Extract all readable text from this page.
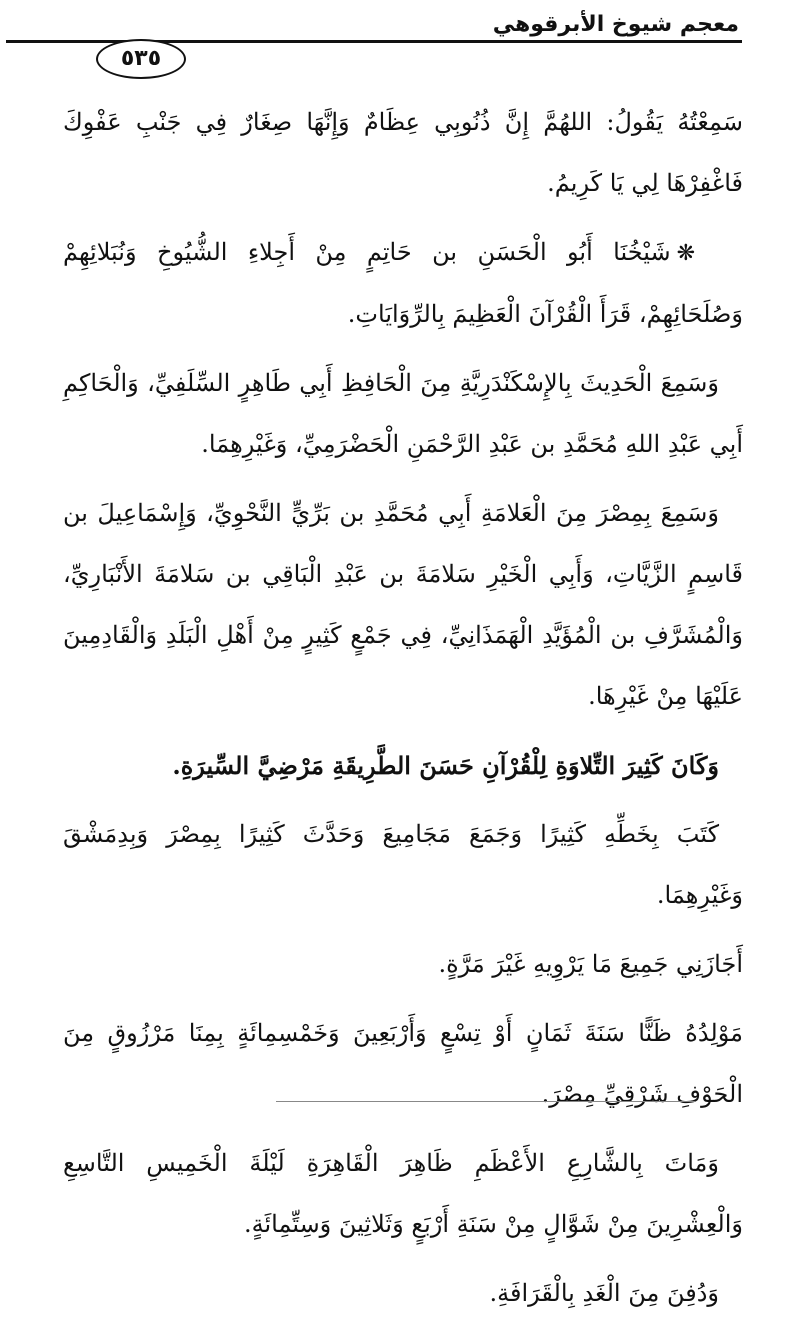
معجم شيوخ الأبرقوهي
٥٣٥

سَمِعْتُهُ يَقُولُ: اللهُمَّ إِنَّ ذُنُوبِي عِظَامٌ وَإِنَّهَا صِغَارٌ فِي جَنْبِ عَفْوِكَ فَاغْفِرْهَا لِي يَا كَرِيمُ.

❋شَيْخُنَا أَبُو الْحَسَنِ بن حَاتِمٍ مِنْ أَجِلاءِ الشُّيُوخِ وَنُبَلائِهِمْ وَصُلَحَائِهِمْ، قَرَأَ الْقُرْآنَ الْعَظِيمَ بِالرِّوَايَاتِ.

وَسَمِعَ الْحَدِيثَ بِالإِسْكَنْدَرِيَّةِ مِنَ الْحَافِظِ أَبِي طَاهِرٍ السِّلَفِيِّ، وَالْحَاكِمِ أَبِي عَبْدِ اللهِ مُحَمَّدِ بن عَبْدِ الرَّحْمَنِ الْحَضْرَمِيِّ، وَغَيْرِهِمَا.

وَسَمِعَ بِمِصْرَ مِنَ الْعَلامَةِ أَبِي مُحَمَّدِ بن بَرِّيٍّ النَّحْوِيِّ، وَإِسْمَاعِيلَ بن قَاسِمٍ الزَّيَّاتِ، وَأَبِي الْخَيْرِ سَلامَةَ بن عَبْدِ الْبَاقِي بن سَلامَةَ الأَنْبَارِيِّ، وَالْمُشَرَّفِ بن الْمُؤَيَّدِ الْهَمَذَانِيِّ، فِي جَمْعٍ كَثِيرٍ مِنْ أَهْلِ الْبَلَدِ وَالْقَادِمِينَ عَلَيْهَا مِنْ غَيْرِهَا.

وَكَانَ كَثِيرَ التِّلاوَةِ لِلْقُرْآنِ حَسَنَ الطَّرِيقَةِ مَرْضِيَّ السِّيرَةِ.

كَتَبَ بِخَطِّهِ كَثِيرًا وَجَمَعَ مَجَامِيعَ وَحَدَّثَ كَثِيرًا بِمِصْرَ وَبِدِمَشْقَ وَغَيْرِهِمَا.

أَجَازَنِي جَمِيعَ مَا يَرْوِيهِ غَيْرَ مَرَّةٍ.

مَوْلِدُهُ ظَنًّا سَنَةَ ثَمَانٍ أَوْ تِسْعٍ وَأَرْبَعِينَ وَخَمْسِمِائَةٍ بِمِنَا مَرْزُوقٍ مِنَ الْحَوْفِ شَرْقِيِّ مِصْرَ.

وَمَاتَ بِالشَّارِعِ الأَعْظَمِ ظَاهِرَ الْقَاهِرَةِ لَيْلَةَ الْخَمِيسِ التَّاسِعِ وَالْعِشْرِينَ مِنْ شَوَّالٍ مِنْ سَنَةِ أَرْبَعٍ وَثَلاثِينَ وَسِتِّمِائَةٍ.

وَدُفِنَ مِنَ الْغَدِ بِالْقَرَافَةِ.
